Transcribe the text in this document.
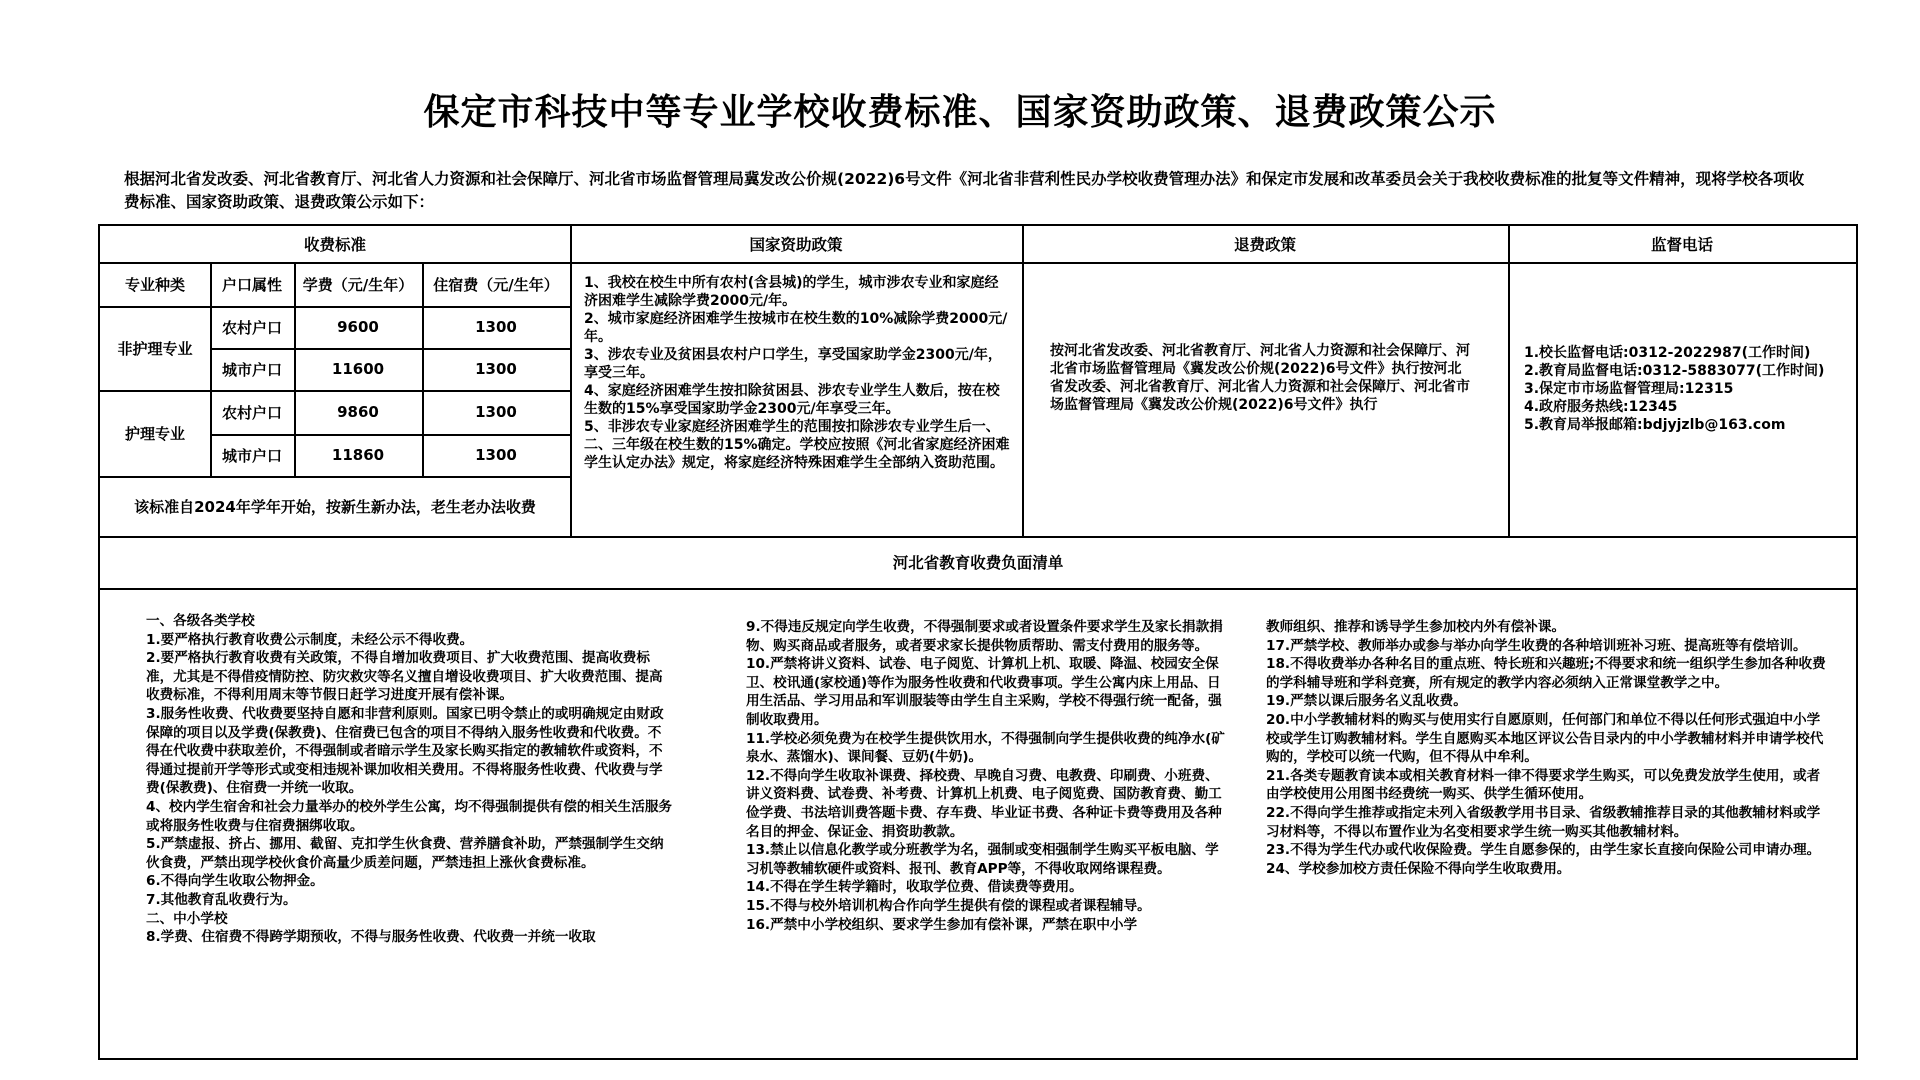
保定市科技中等专业学校收费标准、国家资助政策、退费政策公示
根据河北省发改委、河北省教育厅、河北省人力资源和社会保障厅、河北省市场监督管理局冀发改公价规(2022)6号文件《河北省非营利性民办学校收费管理办法》和保定市发展和改革委员会关于我校收费标准的批复等文件精神，现将学校各项收费标准、国家资助政策、退费政策公示如下：
收费标准	国家资助政策	退费政策	监督电话
专业种类	户口属性	学费（元/生年）	住宿费（元/生年）
非护理专业
农村户口	9600	1300
城市户口	11600	1300
护理专业
农村户口	9860	1300
城市户口	11860	1300
该标准自2024年学年开始，按新生新办法，老生老办法收费
1、我校在校生中所有农村(含县城)的学生，城市涉农专业和家庭经济困难学生减除学费2000元/年。
2、城市家庭经济困难学生按城市在校生数的10%减除学费2000元/年。
3、涉农专业及贫困县农村户口学生，享受国家助学金2300元/年，享受三年。
4、家庭经济困难学生按扣除贫困县、涉农专业学生人数后，按在校生数的15%享受国家助学金2300元/年享受三年。
5、非涉农专业家庭经济困难学生的范围按扣除涉农专业学生后一、二、三年级在校生数的15%确定。学校应按照《河北省家庭经济困难学生认定办法》规定，将家庭经济特殊困难学生全部纳入资助范围。
按河北省发改委、河北省教育厅、河北省人力资源和社会保障厅、河北省市场监督管理局《冀发改公价规(2022)6号文件》执行按河北省发改委、河北省教育厅、河北省人力资源和社会保障厅、河北省市场监督管理局《冀发改公价规(2022)6号文件》执行
1.校长监督电话:0312-2022987(工作时间)
2.教育局监督电话:0312-5883077(工作时间)
3.保定市市场监督管理局:12315
4.政府服务热线:12345
5.教育局举报邮箱:bdjyjzlb@163.com
河北省教育收费负面清单

一、各级各类学校

1.要严格执行教育收费公示制度，未经公示不得收费。

2.要严格执行教育收费有关政策，不得自增加收费项目、扩大收费范围、提高收费标准，尤其是不得借疫情防控、防灾救灾等名义擅自增设收费项目、扩大收费范围、提高收费标准，不得利用周末等节假日赶学习进度开展有偿补课。

3.服务性收费、代收费要坚持自愿和非营利原则。国家已明令禁止的或明确规定由财政保障的项目以及学费(保教费)、住宿费已包含的项目不得纳入服务性收费和代收费。不得在代收费中获取差价，不得强制或者暗示学生及家长购买指定的教辅软件或资料，不得通过提前开学等形式或变相违规补课加收相关费用。不得将服务性收费、代收费与学费(保教费)、住宿费一并统一收取。

4、校内学生宿舍和社会力量举办的校外学生公寓，均不得强制提供有偿的相关生活服务或将服务性收费与住宿费捆绑收取。

5.严禁虚报、挤占、挪用、截留、克扣学生伙食费、营养膳食补助，严禁强制学生交纳伙食费，严禁出现学校伙食价高量少质差问题，严禁违担上涨伙食费标准。

6.不得向学生收取公物押金。

7.其他教育乱收费行为。

二、中小学校

8.学费、住宿费不得跨学期预收，不得与服务性收费、代收费一并统一收取

9.不得违反规定向学生收费，不得强制要求或者设置条件要求学生及家长捐款捐物、购买商品或者服务，或者要求家长提供物质帮助、需支付费用的服务等。

10.严禁将讲义资料、试卷、电子阅览、计算机上机、取暖、降温、校园安全保卫、校讯通(家校通)等作为服务性收费和代收费事项。学生公寓内床上用品、日用生活品、学习用品和军训服装等由学生自主采购，学校不得强行统一配备，强制收取费用。

11.学校必须免费为在校学生提供饮用水，不得强制向学生提供收费的纯净水(矿泉水、蒸馏水)、课间餐、豆奶(牛奶)。

12.不得向学生收取补课费、择校费、早晚自习费、电教费、印刷费、小班费、讲义资料费、试卷费、补考费、计算机上机费、电子阅览费、国防教育费、勤工俭学费、书法培训费答题卡费、存车费、毕业证书费、各种证卡费等费用及各种名目的押金、保证金、捐资助教款。

13.禁止以信息化教学或分班教学为名，强制或变相强制学生购买平板电脑、学习机等教辅软硬件或资料、报刊、教育APP等，不得收取网络课程费。

14.不得在学生转学籍时，收取学位费、借读费等费用。

15.不得与校外培训机构合作向学生提供有偿的课程或者课程辅导。

16.严禁中小学校组织、要求学生参加有偿补课，严禁在职中小学

教师组织、推荐和诱导学生参加校内外有偿补课。

17.严禁学校、教师举办或参与举办向学生收费的各种培训班补习班、提高班等有偿培训。

18.不得收费举办各种名目的重点班、特长班和兴趣班;不得要求和统一组织学生参加各种收费的学科辅导班和学科竞赛，所有规定的教学内容必须纳入正常课堂教学之中。

19.严禁以课后服务名义乱收费。

20.中小学教辅材料的购买与使用实行自愿原则，任何部门和单位不得以任何形式强迫中小学校或学生订购教辅材料。学生自愿购买本地区评议公告目录内的中小学教辅材料并申请学校代购的，学校可以统一代购，但不得从中牟利。

21.各类专题教育读本或相关教育材料一律不得要求学生购买，可以免费发放学生使用，或者由学校使用公用图书经费统一购买、供学生循环使用。

22.不得向学生推荐或指定未列入省级教学用书目录、省级教辅推荐目录的其他教辅材料或学习材料等，不得以布置作业为名变相要求学生统一购买其他教辅材料。

23.不得为学生代办或代收保险费。学生自愿参保的，由学生家长直接向保险公司申请办理。

24、学校参加校方责任保险不得向学生收取费用。
